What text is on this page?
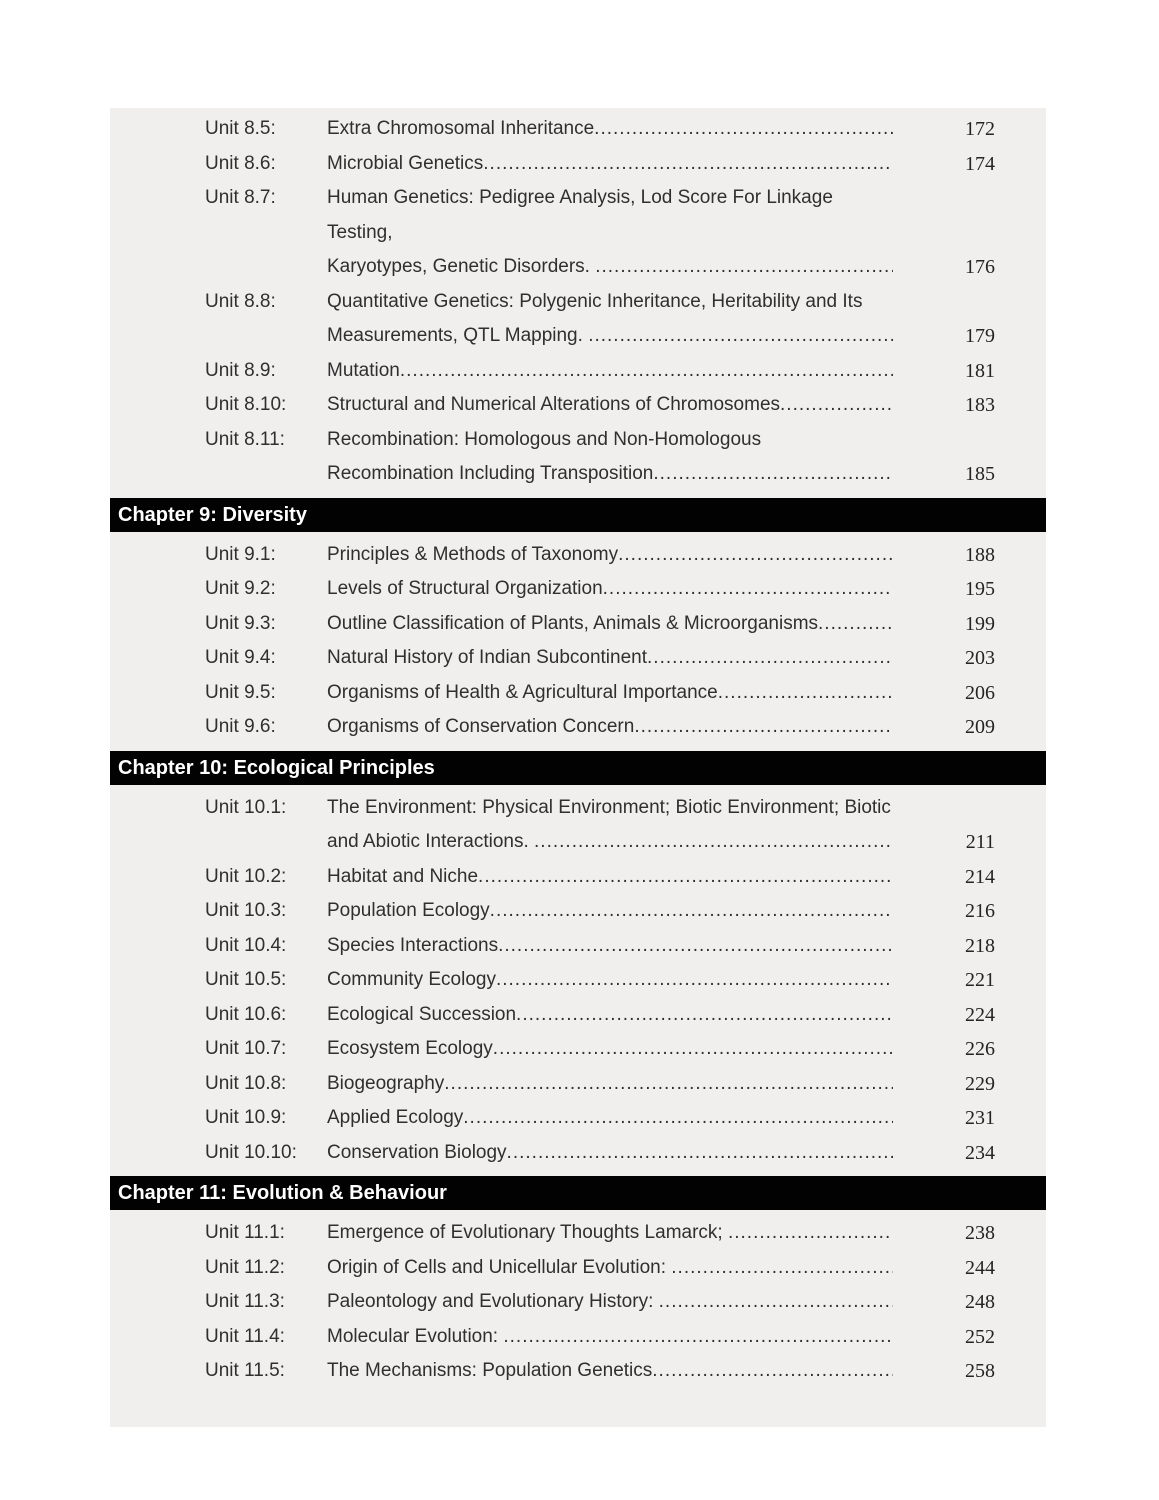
Unit 8.5:	Extra Chromosomal Inheritance .....	172
Unit 8.6:	Microbial Genetics .....	174
Unit 8.7:	Human Genetics: Pedigree Analysis, Lod Score For Linkage Testing,
Karyotypes, Genetic Disorders. .....	176
Unit 8.8:	Quantitative Genetics: Polygenic Inheritance, Heritability and Its
Measurements, QTL Mapping. .....	179
Unit 8.9:	Mutation .....	181
Unit 8.10:	Structural and Numerical Alterations of Chromosomes .....	183
Unit 8.11:	Recombination: Homologous and Non-Homologous
Recombination Including Transposition .....	185
Chapter 9: Diversity
Unit 9.1:	Principles & Methods of Taxonomy .....	188
Unit 9.2:	Levels of Structural Organization .....	195
Unit 9.3:	Outline Classification of Plants, Animals & Microorganisms .....	199
Unit 9.4:	Natural History of Indian Subcontinent .....	203
Unit 9.5:	Organisms of Health & Agricultural Importance .....	206
Unit 9.6:	Organisms of Conservation Concern .....	209
Chapter 10: Ecological Principles
Unit 10.1:	The Environment: Physical Environment; Biotic Environment; Biotic
and Abiotic Interactions. .....	211
Unit 10.2:	Habitat and Niche .....	214
Unit 10.3:	Population Ecology .....	216
Unit 10.4:	Species Interactions .....	218
Unit 10.5:	Community Ecology .....	221
Unit 10.6:	Ecological Succession .....	224
Unit 10.7:	Ecosystem Ecology .....	226
Unit 10.8:	Biogeography .....	229
Unit 10.9:	Applied Ecology .....	231
Unit 10.10:	Conservation Biology .....	234
Chapter 11: Evolution & Behaviour
Unit 11.1:	Emergence of Evolutionary Thoughts Lamarck; .....	238
Unit 11.2:	Origin of Cells and Unicellular Evolution: .....	244
Unit 11.3:	Paleontology and Evolutionary History: .....	248
Unit 11.4:	Molecular Evolution: .....	252
Unit 11.5:	The Mechanisms: Population Genetics .....	258
